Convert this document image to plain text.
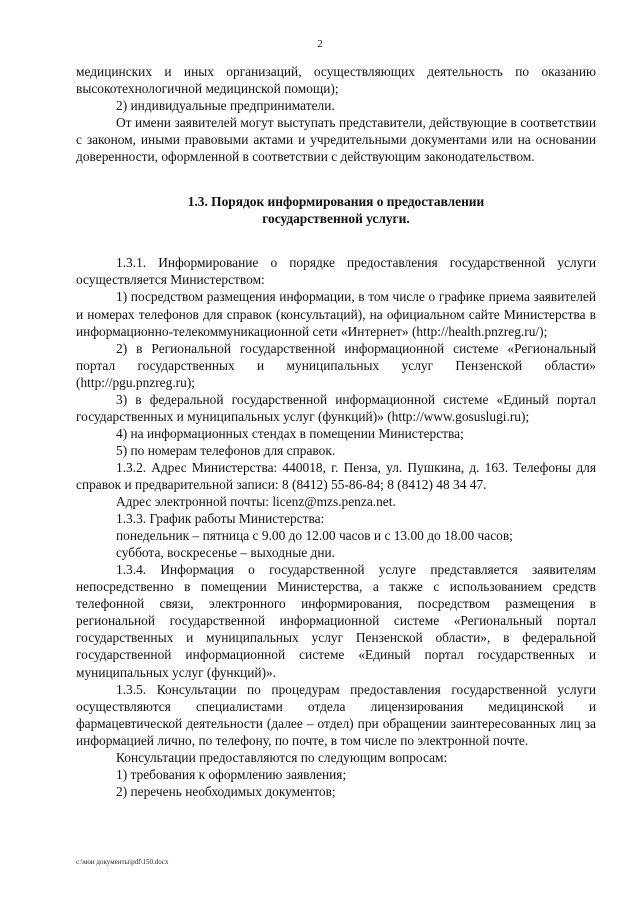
2

медицинских и иных организаций, осуществляющих деятельность по оказанию высокотехнологичной медицинской помощи);

2) индивидуальные предприниматели.

От имени заявителей могут выступать представители, действующие в соответствии с законом, иными правовыми актами и учредительными документами или на основании доверенности, оформленной в соответствии с действующим законодательством.

1.3. Порядок информирования о предоставлении

государственной услуги.

1.3.1. Информирование о порядке предоставления государственной услуги осуществляется Министерством:

1) посредством размещения информации, в том числе о графике приема заявителей и номерах телефонов для справок (консультаций), на официальном сайте Министерства в информационно-телекоммуникационной сети «Интернет» (http://health.pnzreg.ru/);

2) в Региональной государственной информационной системе «Региональный портал государственных и муниципальных услуг Пензенской области» (http://pgu.pnzreg.ru);

3) в федеральной государственной информационной системе «Единый портал государственных и муниципальных услуг (функций)» (http://www.gosuslugi.ru);

4) на информационных стендах в помещении Министерства;

5) по номерам телефонов для справок.

1.3.2. Адрес Министерства: 440018, г. Пенза, ул. Пушкина, д. 163. Телефоны для справок и предварительной записи: 8 (8412) 55-86-84; 8 (8412) 48 34 47.

Адрес электронной почты: licenz@mzs.penza.net.

1.3.3. График работы Министерства:

понедельник – пятница с 9.00 до 12.00 часов и с 13.00 до 18.00 часов;

суббота, воскресенье – выходные дни.

1.3.4. Информация о государственной услуге представляется заявителям непосредственно в помещении Министерства, а также с использованием средств телефонной связи, электронного информирования, посредством размещения в региональной государственной информационной системе «Региональный портал государственных и муниципальных услуг Пензенской области», в федеральной государственной информационной системе «Единый портал государственных и муниципальных услуг (функций)».

1.3.5. Консультации по процедурам предоставления государственной услуги осуществляются специалистами отдела лицензирования медицинской и фармацевтической деятельности (далее – отдел) при обращении заинтересованных лиц за информацией лично, по телефону, по почте, в том числе по электронной почте.

Консультации предоставляются по следующим вопросам:

1) требования к оформлению заявления;

2) перечень необходимых документов;

c:\мои документы\pdf\150.docx
